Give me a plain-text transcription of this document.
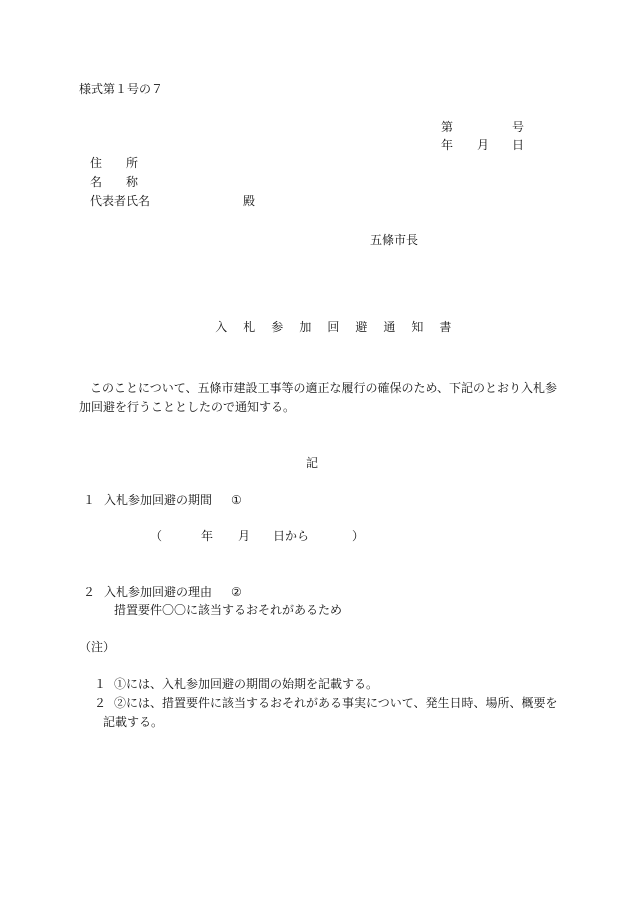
様式第１号の７
第	号
年 月 日
住　　所
名　　称
代表者氏名	殿
五條市長

入 札 参 加 回 避 通 知 書

このことについて、五條市建設工事等の適正な履行の確保のため、下記のとおり入札参
加回避を行うこととしたので通知する。
記
１ 入札参加回避の期間 ①
（	年 月 日から	）
２ 入札参加回避の理由 ②
措置要件〇〇に該当するおそれがあるため
（注）
１ ①には、入札参加回避の期間の始期を記載する。
２ ②には、措置要件に該当するおそれがある事実について、発生日時、場所、概要を
記載する。
